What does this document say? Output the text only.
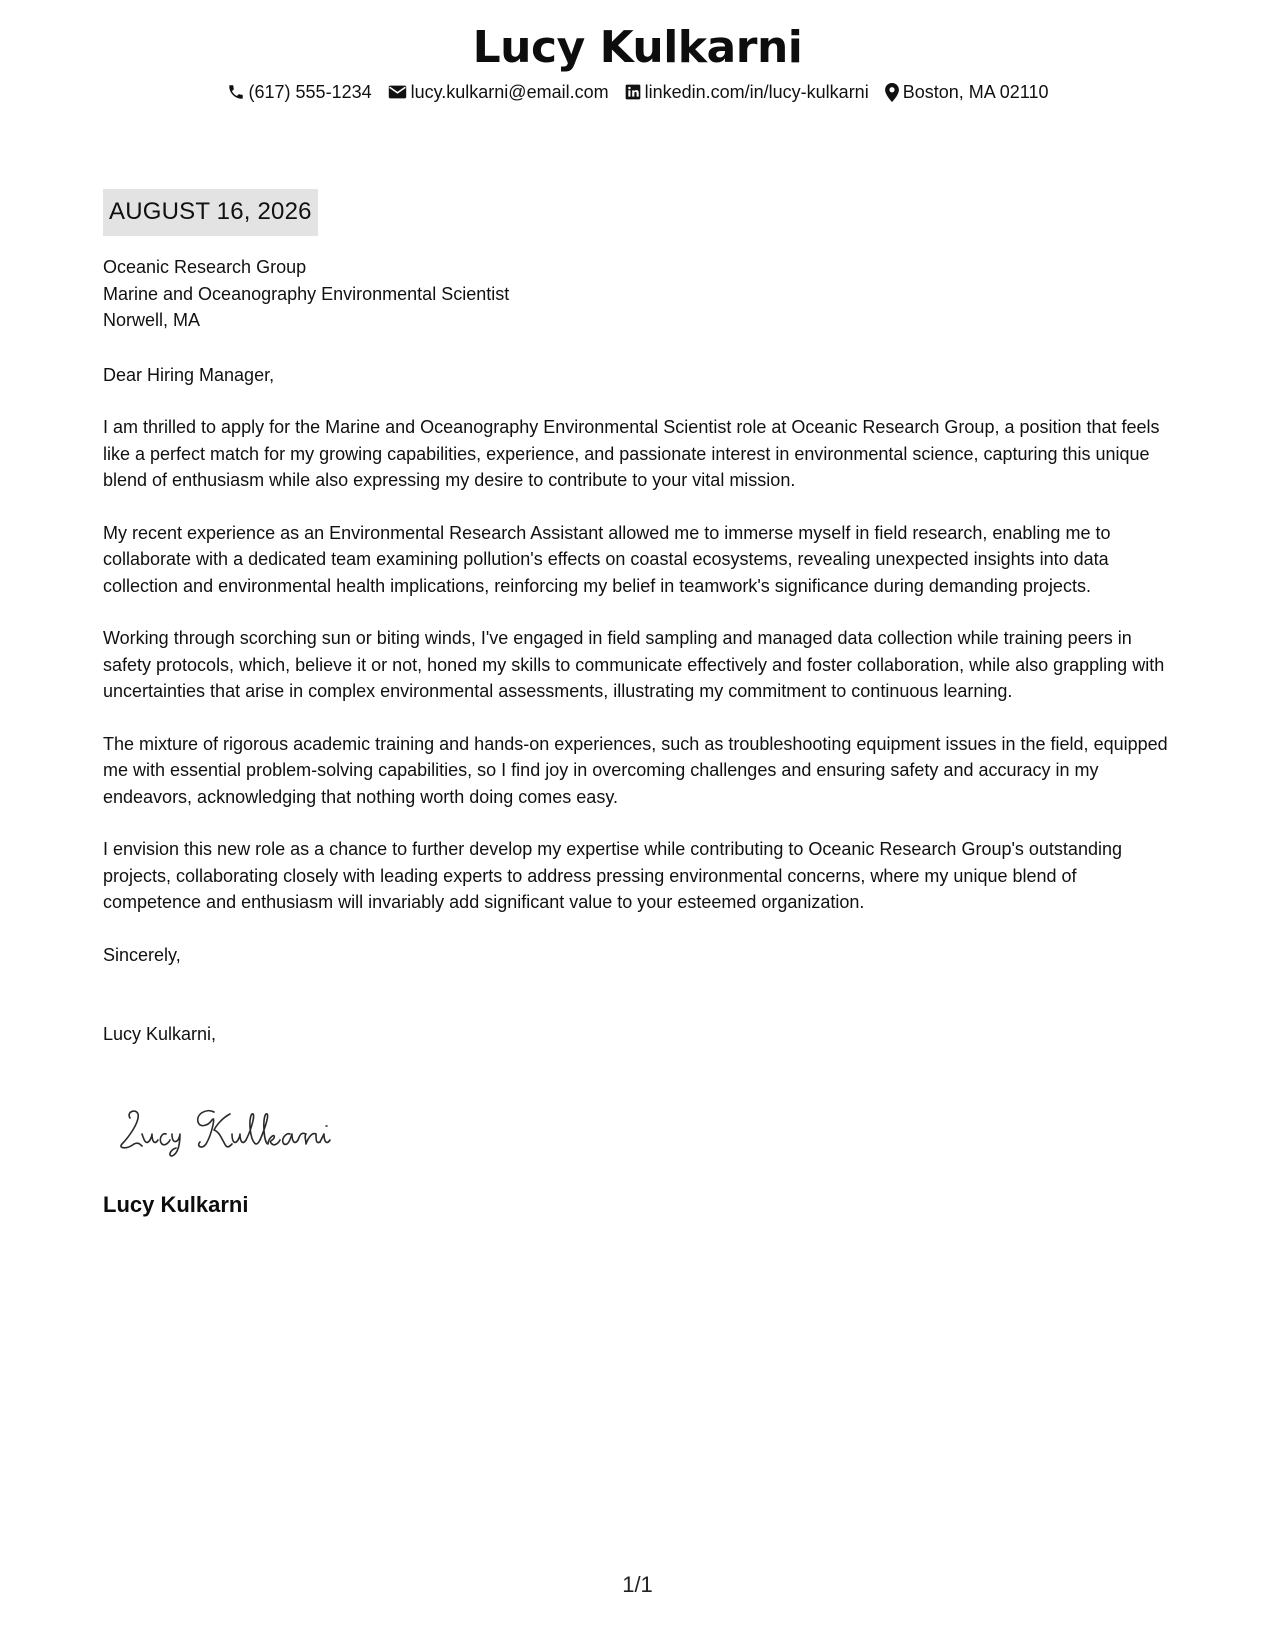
Lucy Kulkarni
(617) 555-1234 lucy.kulkarni@email.com linkedin.com/in/lucy-kulkarni Boston, MA 02110
AUGUST 16, 2026
Oceanic Research Group
Marine and Oceanography Environmental Scientist
Norwell, MA
Dear Hiring Manager,

I am thrilled to apply for the Marine and Oceanography Environmental Scientist role at Oceanic Research Group, a position that feels like a perfect match for my growing capabilities, experience, and passionate interest in environmental science, capturing this unique blend of enthusiasm while also expressing my desire to contribute to your vital mission.

My recent experience as an Environmental Research Assistant allowed me to immerse myself in field research, enabling me to collaborate with a dedicated team examining pollution's effects on coastal ecosystems, revealing unexpected insights into data collection and environmental health implications, reinforcing my belief in teamwork's significance during demanding projects.

Working through scorching sun or biting winds, I've engaged in field sampling and managed data collection while training peers in safety protocols, which, believe it or not, honed my skills to communicate effectively and foster collaboration, while also grappling with uncertainties that arise in complex environmental assessments, illustrating my commitment to continuous learning.

The mixture of rigorous academic training and hands-on experiences, such as troubleshooting equipment issues in the field, equipped me with essential problem-solving capabilities, so I find joy in overcoming challenges and ensuring safety and accuracy in my endeavors, acknowledging that nothing worth doing comes easy.

I envision this new role as a chance to further develop my expertise while contributing to Oceanic Research Group's outstanding projects, collaborating closely with leading experts to address pressing environmental concerns, where my unique blend of competence and enthusiasm will invariably add significant value to your esteemed organization.

Sincerely,
Lucy Kulkarni,
Lucy Kulkarni
1/1
